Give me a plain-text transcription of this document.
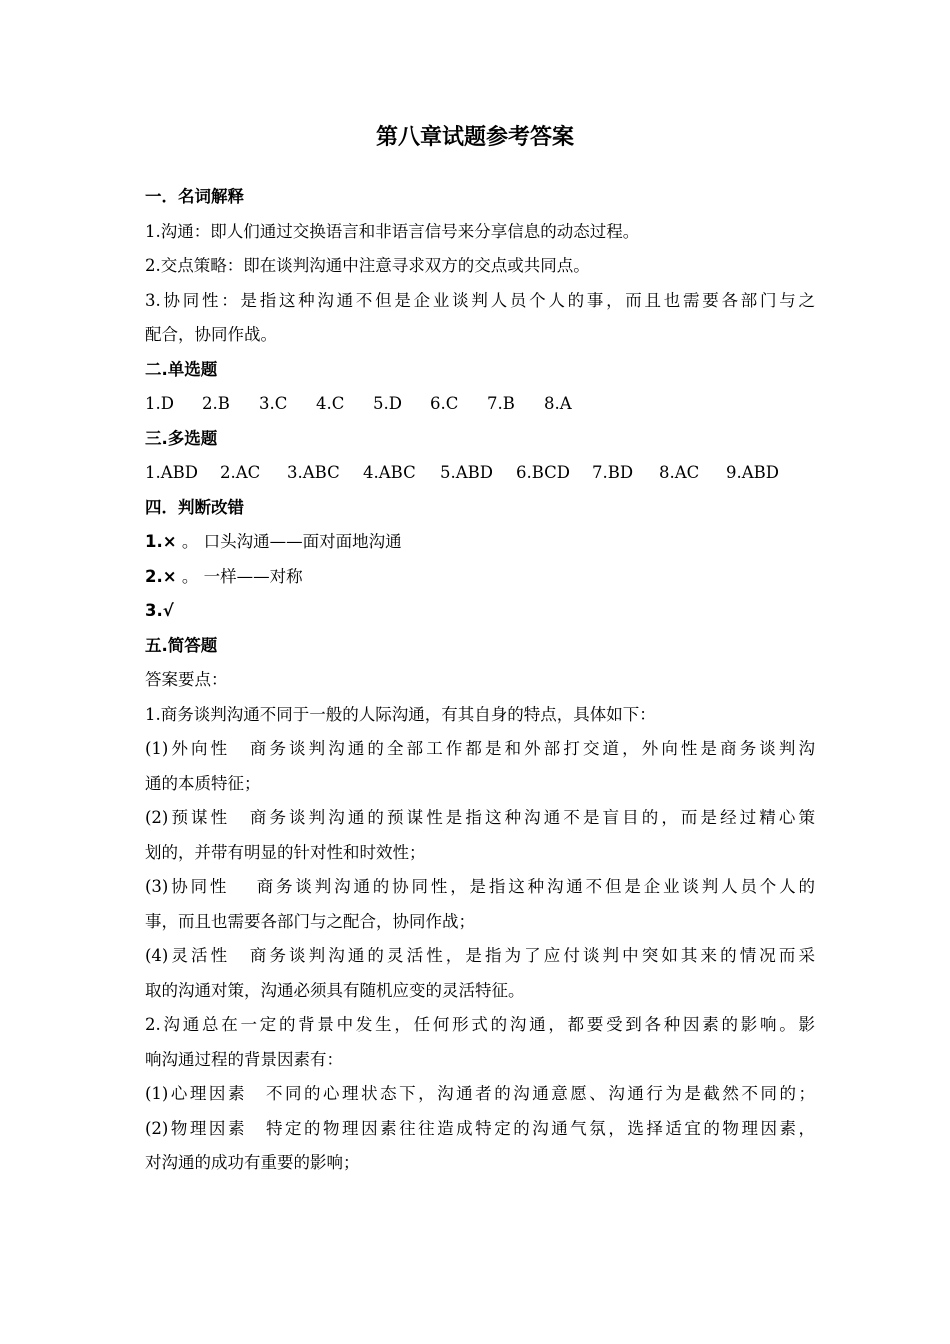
第八章试题参考答案
一．名词解释
1.沟通：即人们通过交换语言和非语言信号来分享信息的动态过程。
2.交点策略：即在谈判沟通中注意寻求双方的交点或共同点。
3.协同性：是指这种沟通不但是企业谈判人员个人的事，而且也需要各部门与之
配合，协同作战。
二.单选题
1.D 2.B 3.C 4.C 5.D 6.C 7.B 8.A
三.多选题
1.ABD 2.AC 3.ABC 4.ABC 5.ABD 6.BCD 7.BD 8.AC 9.ABD
四．判断改错
1.× 。 口头沟通——面对面地沟通
2.× 。 一样——对称
3.√
五.简答题
答案要点：
1.商务谈判沟通不同于一般的人际沟通，有其自身的特点，具体如下：
(1)外向性　商务谈判沟通的全部工作都是和外部打交道，外向性是商务谈判沟
通的本质特征；
(2)预谋性　商务谈判沟通的预谋性是指这种沟通不是盲目的，而是经过精心策
划的，并带有明显的针对性和时效性；
(3)协同性　 商务谈判沟通的协同性，是指这种沟通不但是企业谈判人员个人的
事，而且也需要各部门与之配合，协同作战；
(4)灵活性　商务谈判沟通的灵活性，是指为了应付谈判中突如其来的情况而采
取的沟通对策，沟通必须具有随机应变的灵活特征。
2.沟通总在一定的背景中发生，任何形式的沟通，都要受到各种因素的影响。影
响沟通过程的背景因素有：
(1)心理因素　不同的心理状态下，沟通者的沟通意愿、沟通行为是截然不同的；
(2)物理因素　特定的物理因素往往造成特定的沟通气氛，选择适宜的物理因素，
对沟通的成功有重要的影响；
